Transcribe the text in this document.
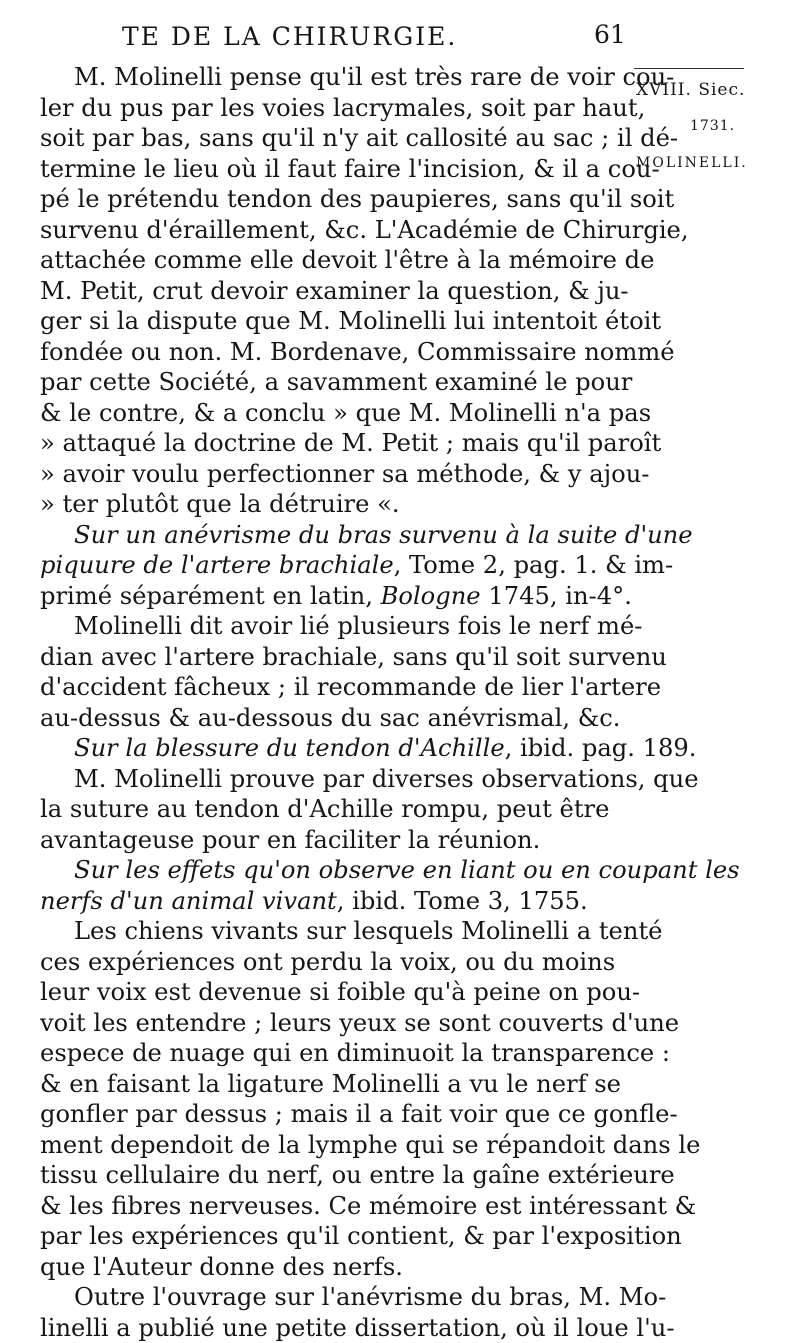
TE DE LA CHIRURGIE.	61
XVIII. Siec.
1731.
MOLINELLI.
M. Molinelli pense qu'il est très rare de voir cou-
ler du pus par les voies lacrymales, soit par haut,
soit par bas, sans qu'il n'y ait callosité au sac ; il dé-
termine le lieu où il faut faire l'incision, & il a cou-
pé le prétendu tendon des paupieres, sans qu'il soit
survenu d'éraillement, &c. L'Académie de Chirurgie,
attachée comme elle devoit l'être à la mémoire de
M. Petit, crut devoir examiner la question, & ju-
ger si la dispute que M. Molinelli lui intentoit étoit
fondée ou non. M. Bordenave, Commissaire nommé
par cette Société, a savamment examiné le pour
& le contre, & a conclu » que M. Molinelli n'a pas
» attaqué la doctrine de M. Petit ; mais qu'il paroît
» avoir voulu perfectionner sa méthode, & y ajou-
» ter plutôt que la détruire «.
Sur un anévrisme du bras survenu à la suite d'une
piquure de l'artere brachiale, Tome 2, pag. 1. & im-
primé séparément en latin, Bologne 1745, in-4°.
Molinelli dit avoir lié plusieurs fois le nerf mé-
dian avec l'artere brachiale, sans qu'il soit survenu
d'accident fâcheux ; il recommande de lier l'artere
au-dessus & au-dessous du sac anévrismal, &c.
Sur la blessure du tendon d'Achille, ibid. pag. 189.
M. Molinelli prouve par diverses observations, que
la suture au tendon d'Achille rompu, peut être
avantageuse pour en faciliter la réunion.
Sur les effets qu'on observe en liant ou en coupant les
nerfs d'un animal vivant, ibid. Tome 3, 1755.
Les chiens vivants sur lesquels Molinelli a tenté
ces expériences ont perdu la voix, ou du moins
leur voix est devenue si foible qu'à peine on pou-
voit les entendre ; leurs yeux se sont couverts d'une
espece de nuage qui en diminuoit la transparence :
& en faisant la ligature Molinelli a vu le nerf se
gonfler par dessus ; mais il a fait voir que ce gonfle-
ment dependoit de la lymphe qui se répandoit dans le
tissu cellulaire du nerf, ou entre la gaîne extérieure
& les fibres nerveuses. Ce mémoire est intéressant &
par les expériences qu'il contient, & par l'exposition
que l'Auteur donne des nerfs.
Outre l'ouvrage sur l'anévrisme du bras, M. Mo-
linelli a publié une petite dissertation, où il loue l'u-
